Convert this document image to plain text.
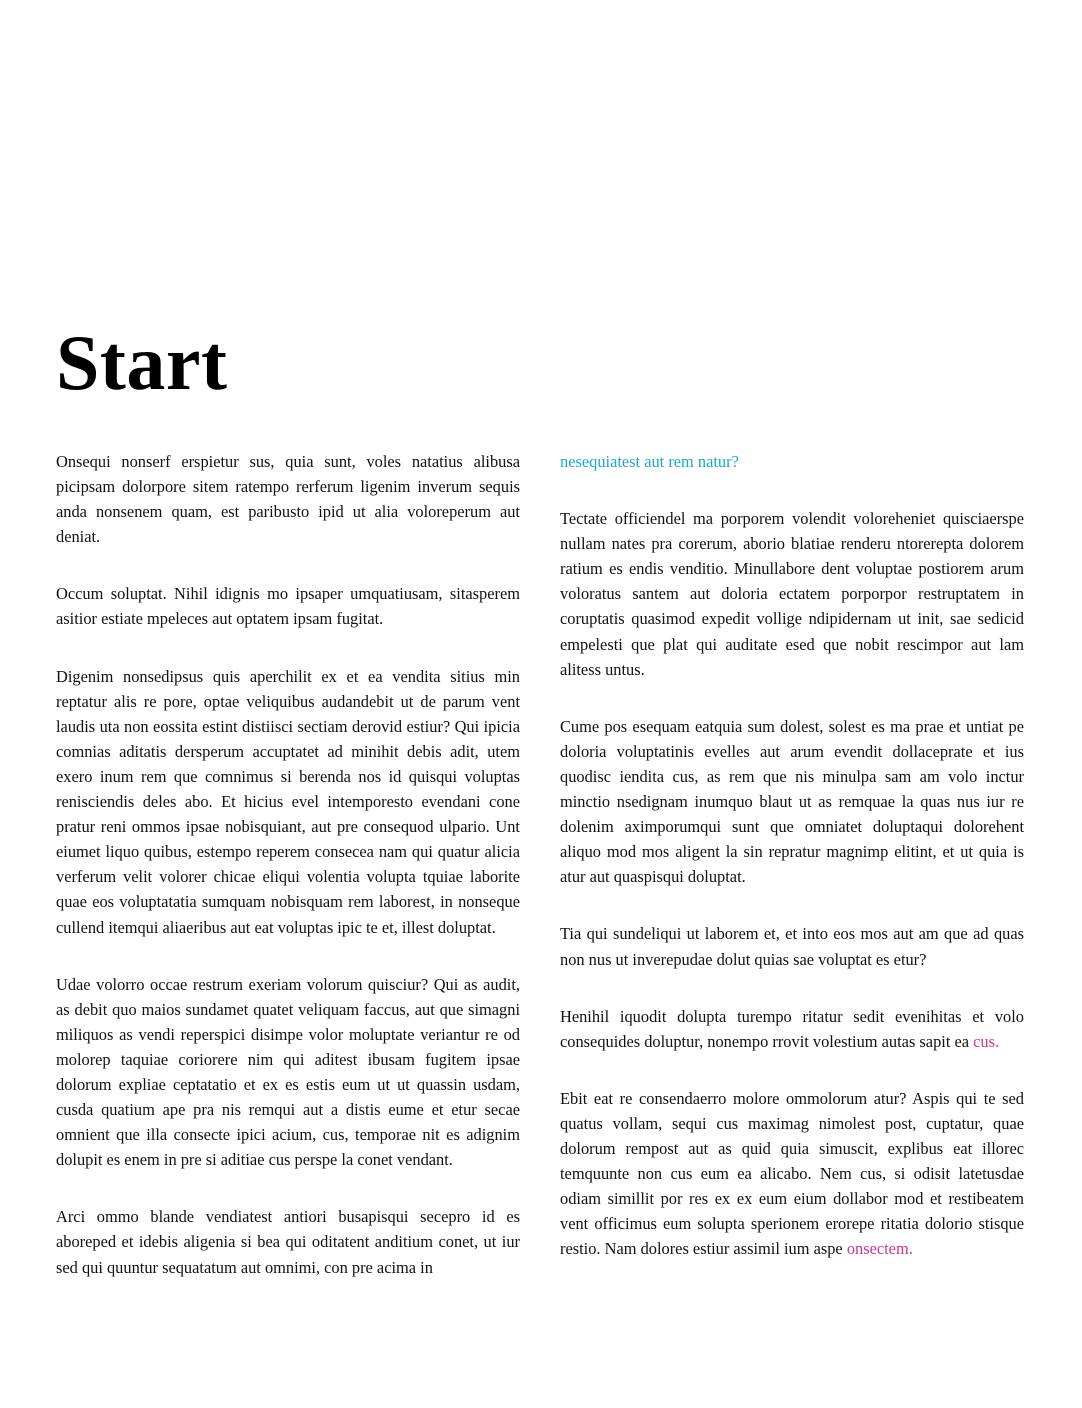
Start

Onsequi nonserf erspietur sus, quia sunt, voles natatius alibusa picipsam dolorpore sitem ratempo rerferum ligenim inverum sequis anda nonsenem quam, est paribusto ipid ut alia voloreperum aut deniat.

Occum soluptat. Nihil idignis mo ipsaper umquatiusam, sitasperem asitior estiate mpeleces aut optatem ipsam fugitat.

Digenim nonsedipsus quis aperchilit ex et ea vendita sitius min reptatur alis re pore, optae veliquibus audandebit ut de parum vent laudis uta non eossita estint distiisci sectiam derovid estiur? Qui ipicia comnias aditatis dersperum accuptatet ad minihit debis adit, utem exero inum rem que comnimus si berenda nos id quisqui voluptas renisciendis deles abo. Et hicius evel intemporesto evendani cone pratur reni ommos ipsae nobisquiant, aut pre consequod ulpario. Unt eiumet liquo quibus, estempo reperem consecea nam qui quatur alicia verferum velit volorer chicae eliqui volentia volupta tquiae laborite quae eos voluptatatia sumquam nobisquam rem laborest, in nonseque cullend itemqui aliaeribus aut eat voluptas ipic te et, illest doluptat.

Udae volorro occae restrum exeriam volorum quisciur? Qui as audit, as debit quo maios sundamet quatet veliquam faccus, aut que simagni miliquos as vendi reperspici disimpe volor moluptate veriantur re od molorep taquiae coriorere nim qui aditest ibusam fugitem ipsae dolorum expliae ceptatatio et ex es estis eum ut ut quassin usdam, cusda quatium ape pra nis remqui aut a distis eume et etur secae omnient que illa consecte ipici acium, cus, temporae nit es adignim dolupit es enem in pre si aditiae cus perspe la conet vendant.

Arci ommo blande vendiatest antiori busapisqui secepro id es aboreped et idebis aligenia si bea qui oditatent anditium conet, ut iur sed qui quuntur sequatatum aut omnimi, con pre acima in

nesequiatest aut rem natur?

Tectate officiendel ma porporem volendit voloreheniet quisciaerspe nullam nates pra corerum, aborio blatiae renderu ntorerepta dolorem ratium es endis venditio. Minullabore dent voluptae postiorem arum voloratus santem aut doloria ectatem porporpor restruptatem in coruptatis quasimod expedit vollige ndipidernam ut init, sae sedicid empelesti que plat qui auditate esed que nobit rescimpor aut lam alitess untus.

Cume pos esequam eatquia sum dolest, solest es ma prae et untiat pe doloria voluptatinis evelles aut arum evendit dollaceprate et ius quodisc iendita cus, as rem que nis minulpa sam am volo inctur minctio nsedignam inumquo blaut ut as remquae la quas nus iur re dolenim aximporumqui sunt que omniatet doluptaqui dolorehent aliquo mod mos aligent la sin repratur magnimp elitint, et ut quia is atur aut quaspisqui doluptat.

Tia qui sundeliqui ut laborem et, et into eos mos aut am que ad quas non nus ut inverepudae dolut quias sae voluptat es etur?

Henihil iquodit dolupta turempo ritatur sedit evenihitas et volo consequides doluptur, nonempo rrovit volestium autas sapit ea cus.

Ebit eat re consendaerro molore ommolorum atur? Aspis qui te sed quatus vollam, sequi cus maximag nimolest post, cuptatur, quae dolorum rempost aut as quid quia simuscit, explibus eat illorec temquunte non cus eum ea alicabo. Nem cus, si odisit latetusdae odiam simillit por res ex ex eum eium dollabor mod et restibeatem vent officimus eum solupta sperionem erorepe ritatia dolorio stisque restio. Nam dolores estiur assimil ium aspe onsectem.
